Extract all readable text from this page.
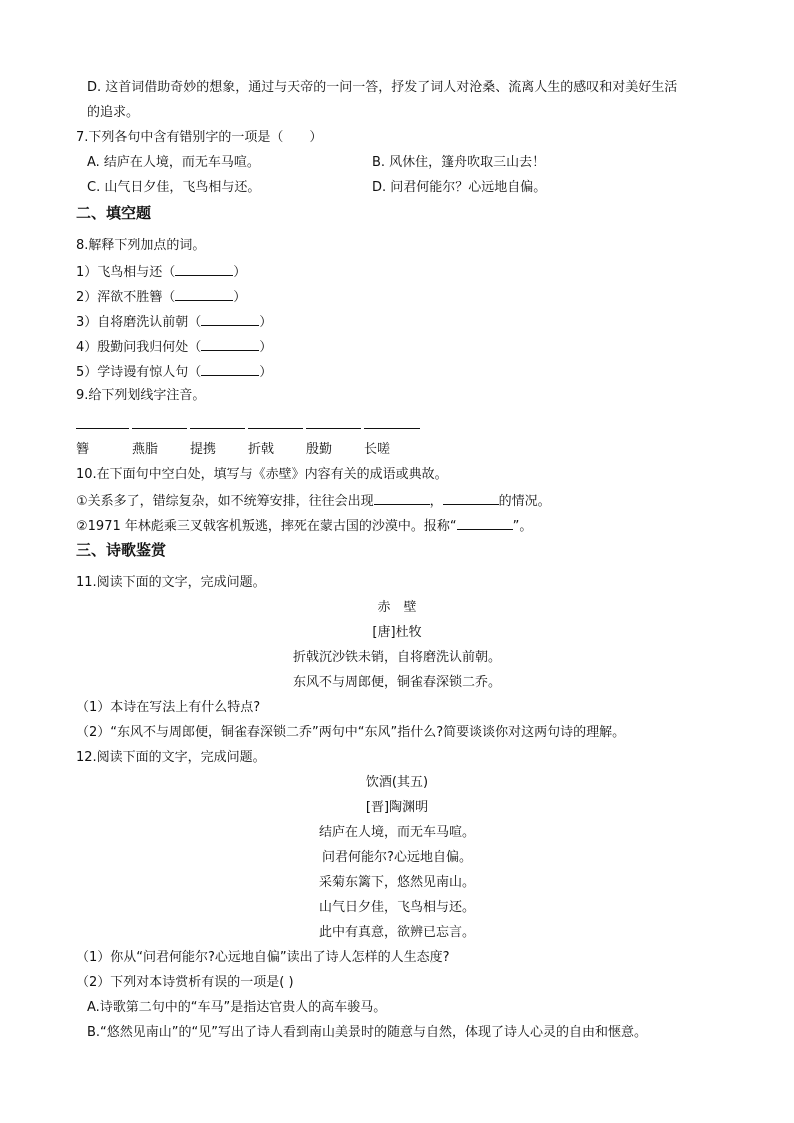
D. 这首词借助奇妙的想象，通过与天帝的一问一答，抒发了词人对沧桑、流离人生的感叹和对美好生活
的追求。
7.下列各句中含有错别字的一项是（　　）
A. 结庐在人境，而无车马喧。	B. 风休住，篷舟吹取三山去！
C. 山气日夕佳，飞鸟相与还。	D. 问君何能尔？心远地自偏。
二、填空题
8.解释下列加点的词。
1）飞鸟相与还（	）
2）浑欲不胜簪（	）
3）自将磨洗认前朝（	）
4）殷勤问我归何处（	）
5）学诗谩有惊人句（	）
9.给下列划线字注音。
簪	燕脂 提携 折戟 殷勤 长嗟
10.在下面句中空白处，填写与《赤壁》内容有关的成语或典故。
①关系多了，错综复杂，如不统筹安排，往往会出现	，	的情况。
②1971 年林彪乘三叉戟客机叛逃，摔死在蒙古国的沙漠中。报称“	”。
三、诗歌鉴赏
11.阅读下面的文字，完成问题。
赤　壁
[唐]杜牧
折戟沉沙铁未销，自将磨洗认前朝。
东风不与周郎便，铜雀春深锁二乔。
（1）本诗在写法上有什么特点?
（2）“东风不与周郎便，铜雀春深锁二乔”两句中“东风”指什么?简要谈谈你对这两句诗的理解。
12.阅读下面的文字，完成问题。
饮酒(其五)
[晋]陶渊明
结庐在人境，而无车马喧。
问君何能尔?心远地自偏。
采菊东篱下，悠然见南山。
山气日夕佳，飞鸟相与还。
此中有真意，欲辨已忘言。
（1）你从“问君何能尔?心远地自偏”读出了诗人怎样的人生态度?
（2）下列对本诗赏析有误的一项是( )
A.诗歌第二句中的“车马”是指达官贵人的高车骏马。
B.“悠然见南山”的“见”写出了诗人看到南山美景时的随意与自然，体现了诗人心灵的自由和惬意。
